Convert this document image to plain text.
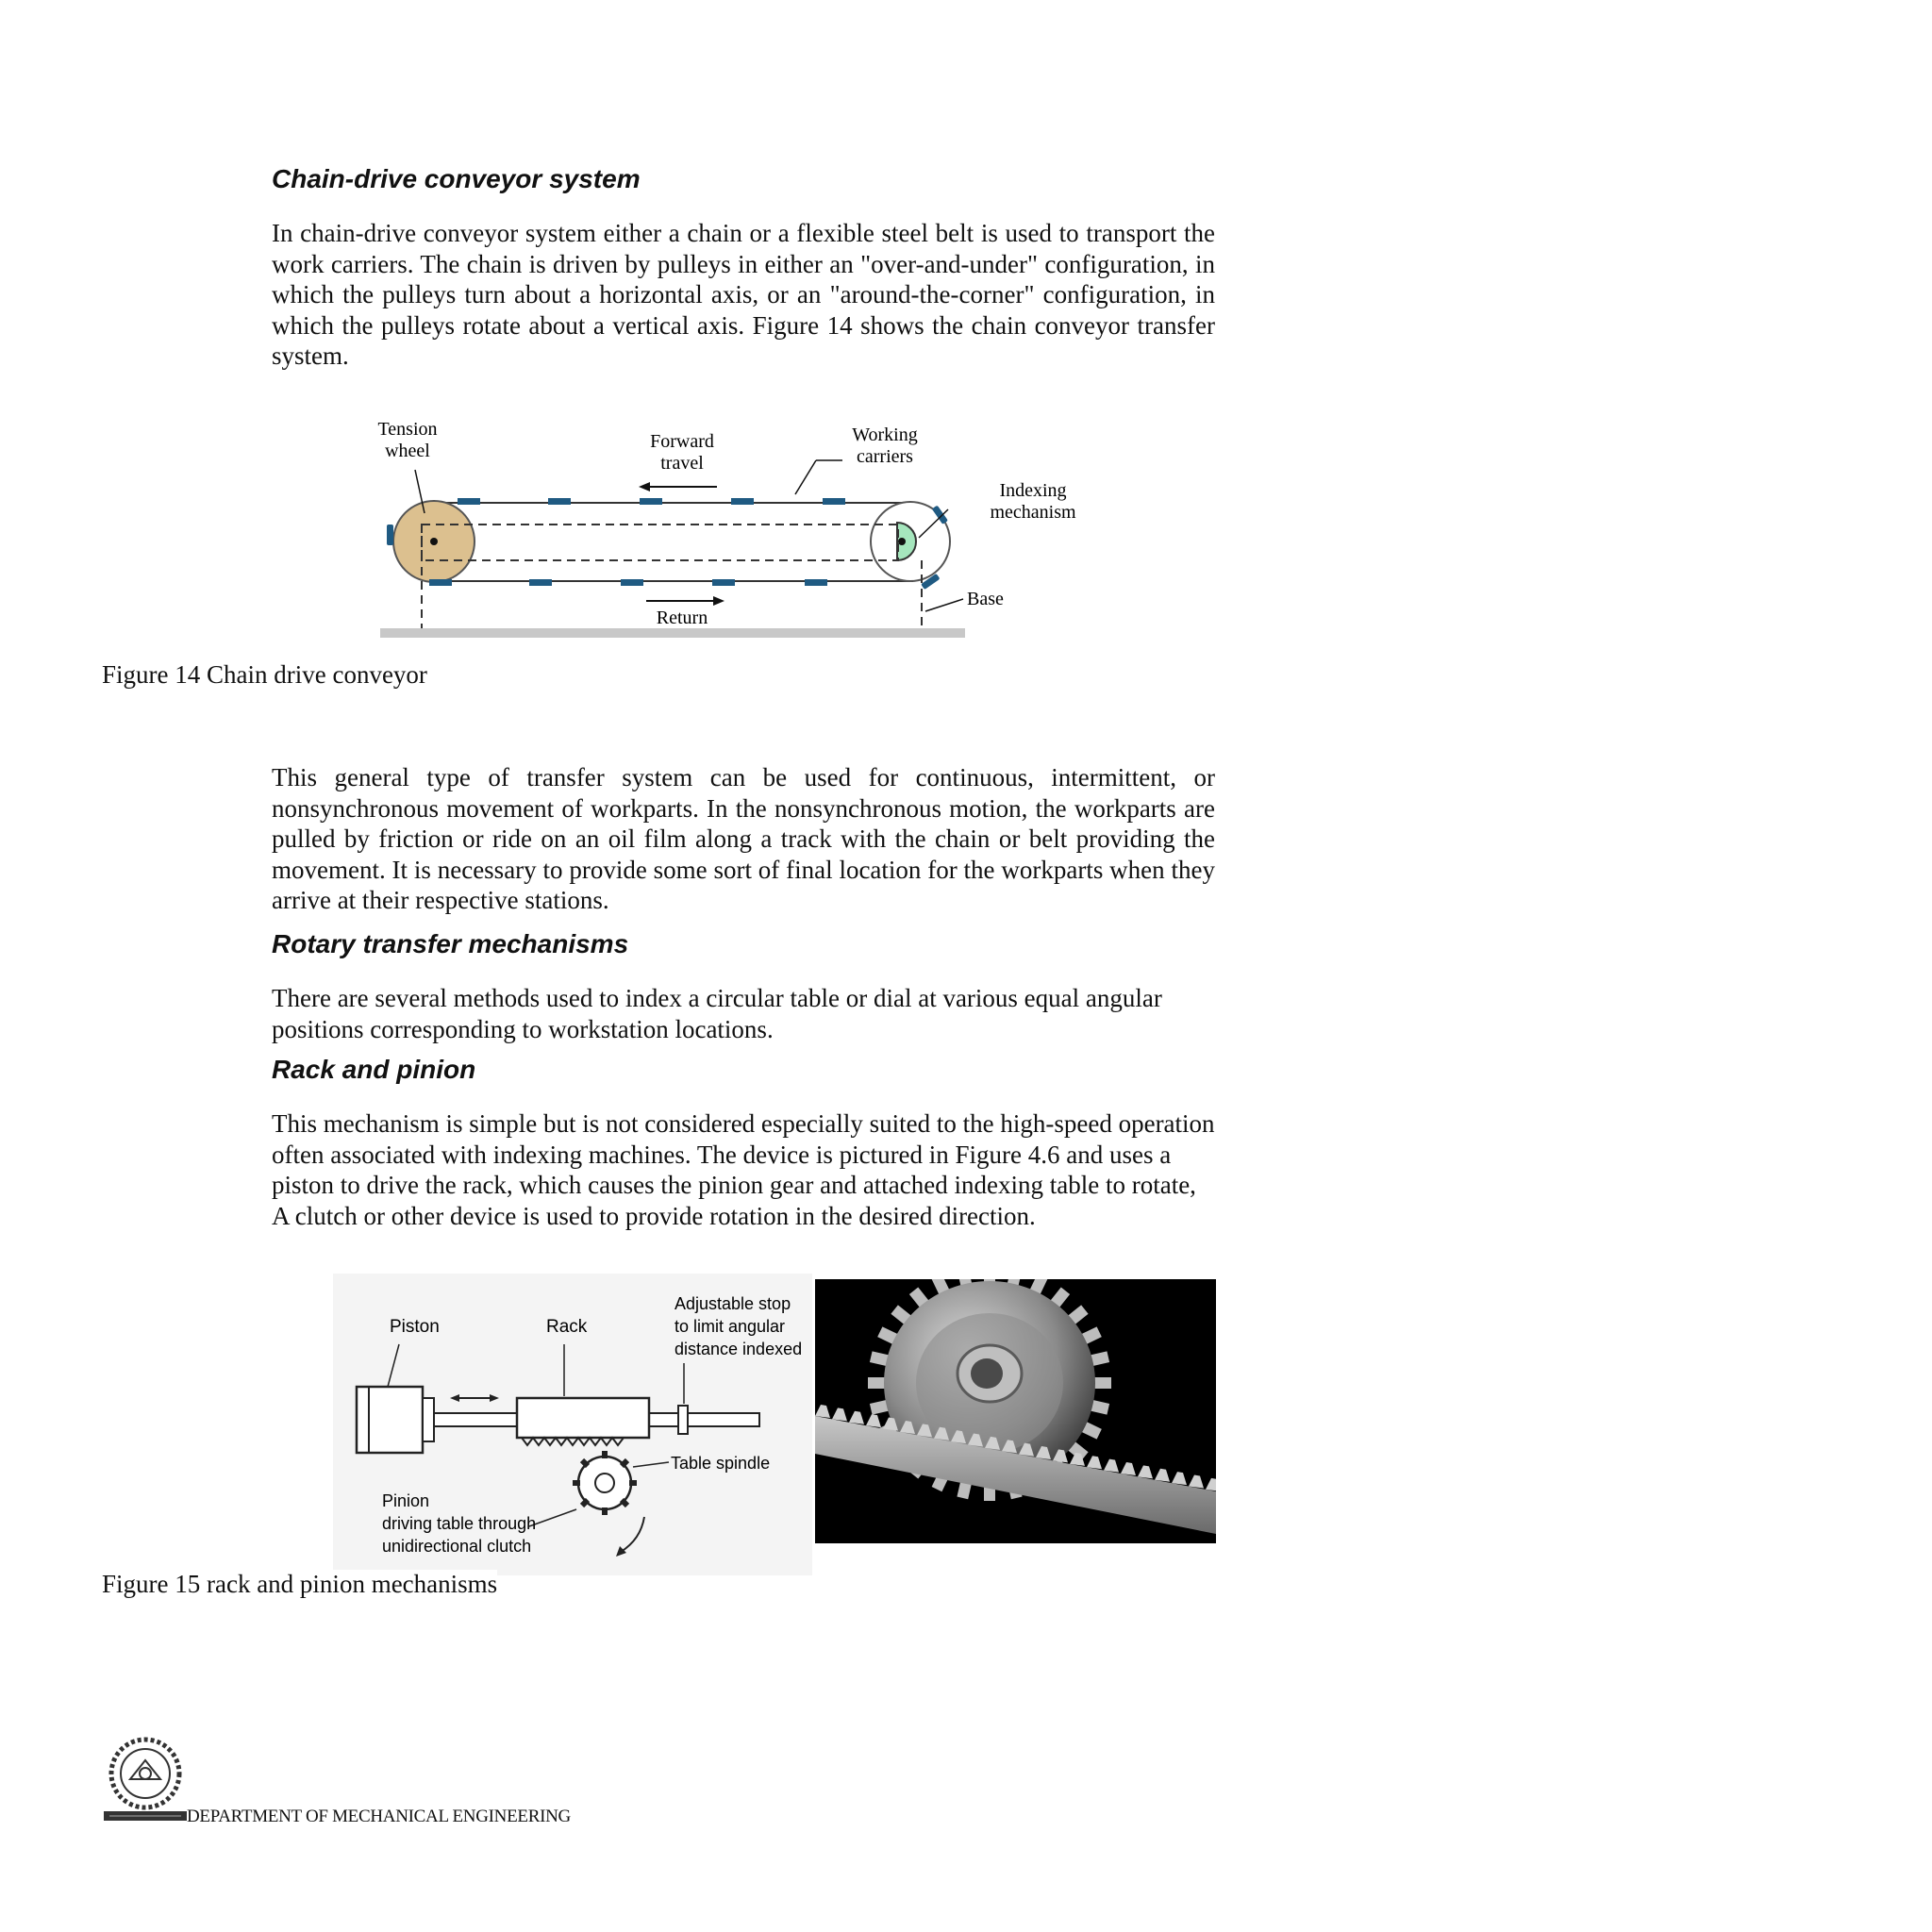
Chain-drive conveyor system
In chain-drive conveyor system either a chain or a flexible steel belt is used to transport the work carriers. The chain is driven by pulleys in either an "over-and-under" configuration, in which the pulleys turn about a horizontal axis, or an "around-the-corner" configuration, in which the pulleys rotate about a vertical axis. Figure 14 shows the chain conveyor transfer system.
Tension
wheel	Forward
travel
Working
carriers
Indexing
mechanism
Base
Return
Figure 14 Chain drive conveyor
This general type of transfer system can be used for continuous, intermittent, or nonsynchronous movement of workparts. In the nonsynchronous motion, the workparts are pulled by friction or ride on an oil film along a track with the chain or belt providing the movement. It is necessary to provide some sort of final location for the workparts when they arrive at their respective stations.
Rotary transfer mechanisms
There are several methods used to index a circular table or dial at various equal angular positions corresponding to workstation locations.
Rack and pinion
This mechanism is simple but is not considered especially suited to the high-speed operation often associated with indexing machines. The device is pictured in Figure 4.6 and uses a piston to drive the rack, which causes the pinion gear and attached indexing table to rotate, A clutch or other device is used to provide rotation in the desired direction.
Piston	Rack
Adjustable stop
to limit angular
distance indexed
Table spindle
Pinion
driving table through
unidirectional clutch
Figure 15 rack and pinion mechanisms
DEPARTMENT OF MECHANICAL ENGINEERING
